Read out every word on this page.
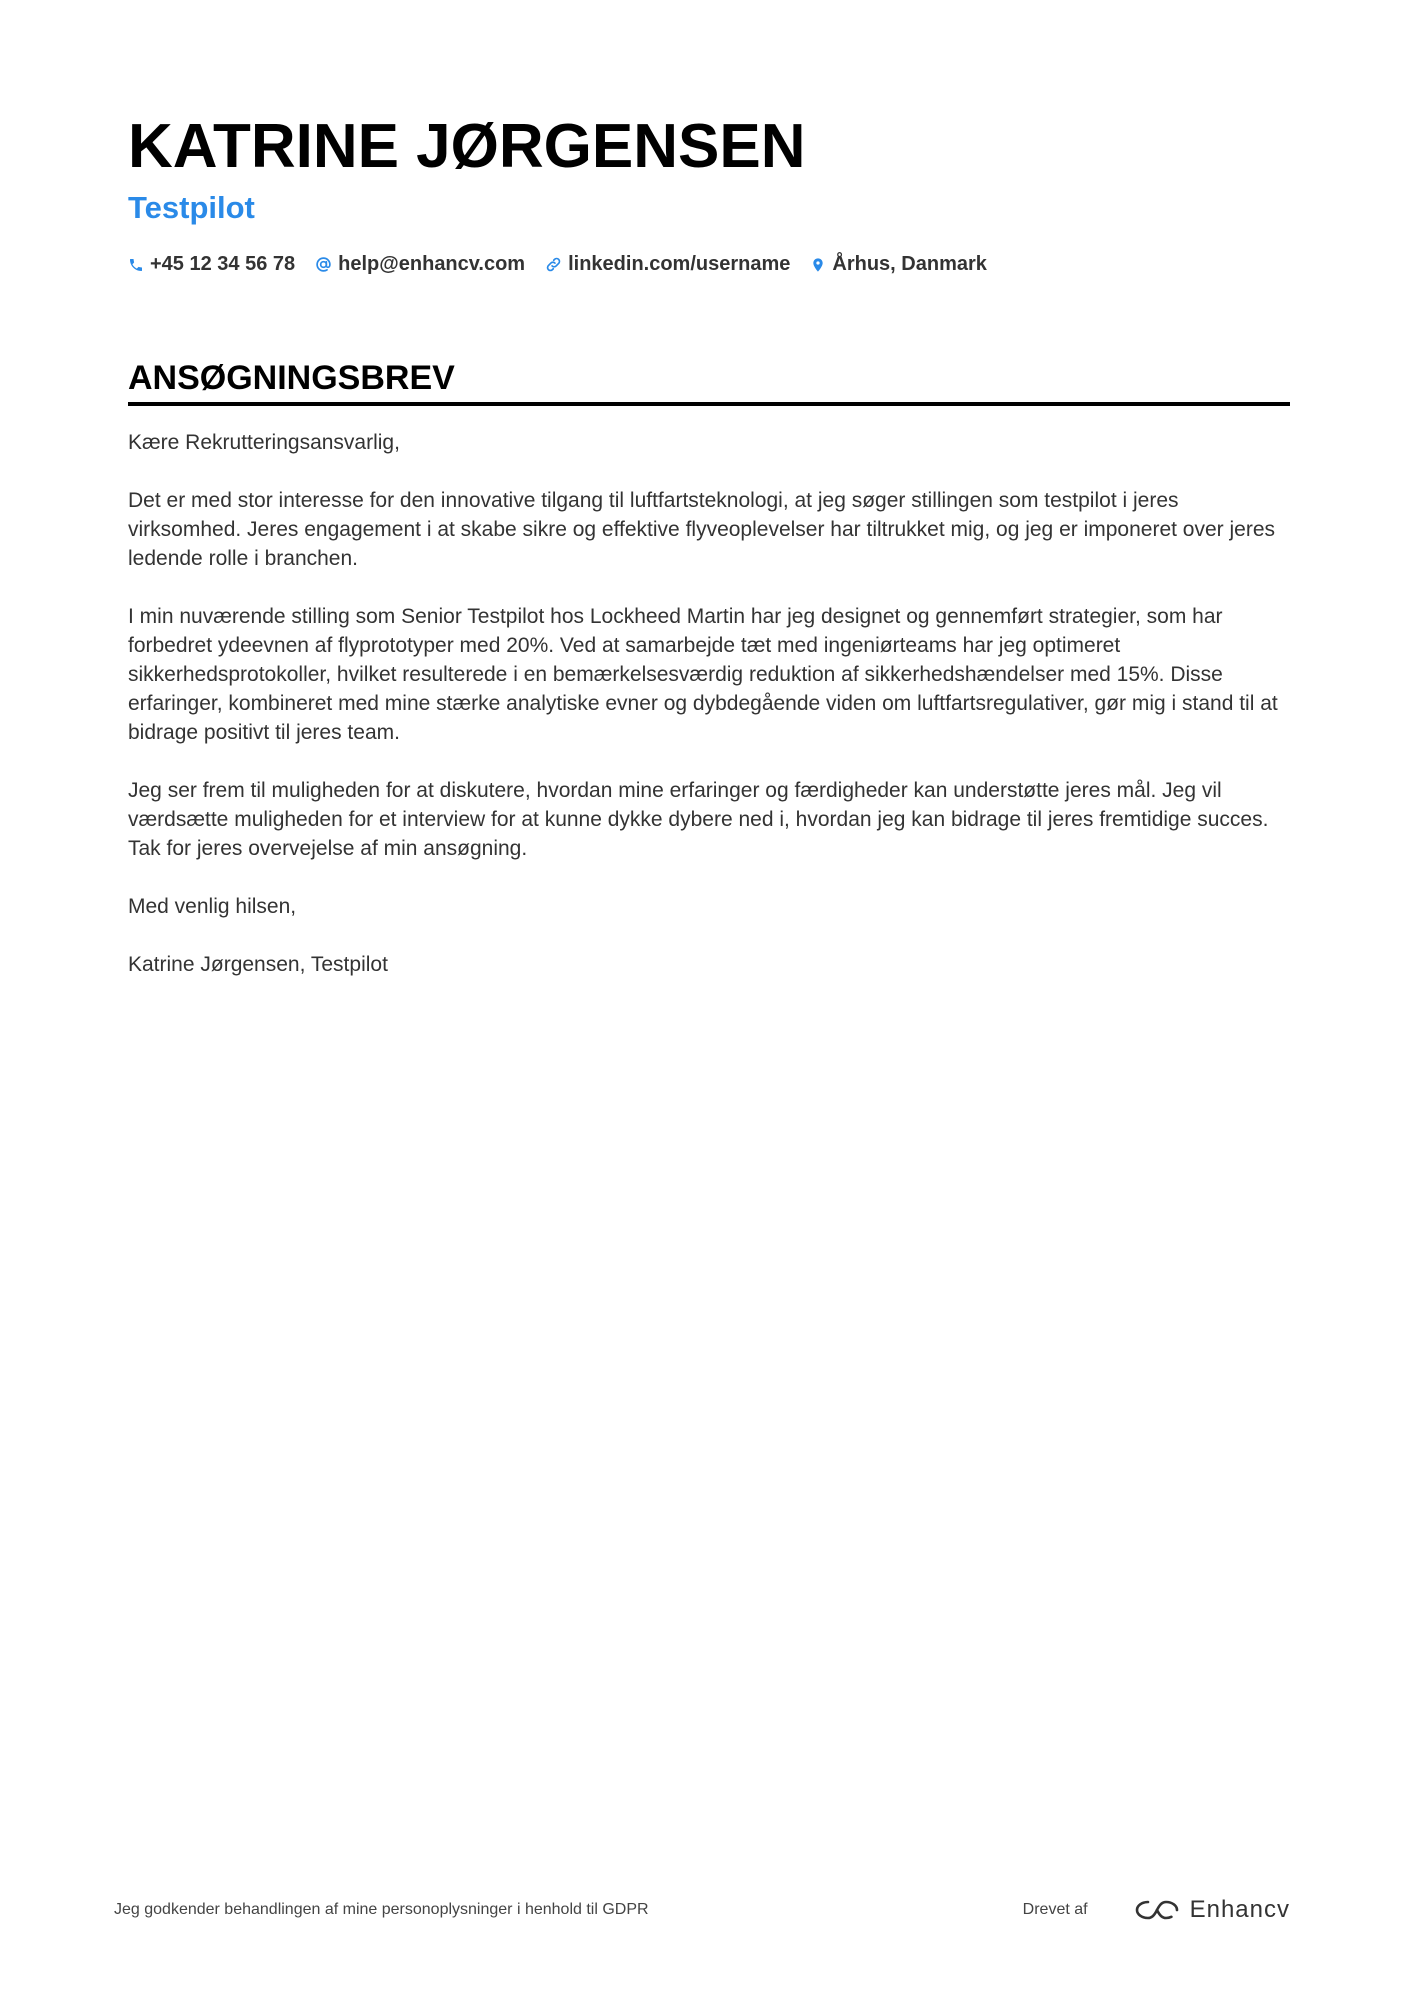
KATRINE JØRGENSEN
Testpilot
+45 12 34 56 78 help@enhancv.com linkedin.com/username Århus, Danmark
ANSØGNINGSBREV

Kære Rekrutteringsansvarlig,

Det er med stor interesse for den innovative tilgang til luftfartsteknologi, at jeg søger stillingen som testpilot i jeres virksomhed. Jeres engagement i at skabe sikre og effektive flyveoplevelser har tiltrukket mig, og jeg er imponeret over jeres ledende rolle i branchen.

I min nuværende stilling som Senior Testpilot hos Lockheed Martin har jeg designet og gennemført strategier, som har forbedret ydeevnen af flyprototyper med 20%. Ved at samarbejde tæt med ingeniørteams har jeg optimeret sikkerhedsprotokoller, hvilket resulterede i en bemærkelsesværdig reduktion af sikkerhedshændelser med 15%. Disse erfaringer, kombineret med mine stærke analytiske evner og dybdegående viden om luftfartsregulativer, gør mig i stand til at bidrage positivt til jeres team.

Jeg ser frem til muligheden for at diskutere, hvordan mine erfaringer og færdigheder kan understøtte jeres mål. Jeg vil værdsætte muligheden for et interview for at kunne dykke dybere ned i, hvordan jeg kan bidrage til jeres fremtidige succes. Tak for jeres overvejelse af min ansøgning.

Med venlig hilsen,

Katrine Jørgensen, Testpilot

Jeg godkender behandlingen af mine personoplysninger i henhold til GDPR	Drevet af	Enhancv
